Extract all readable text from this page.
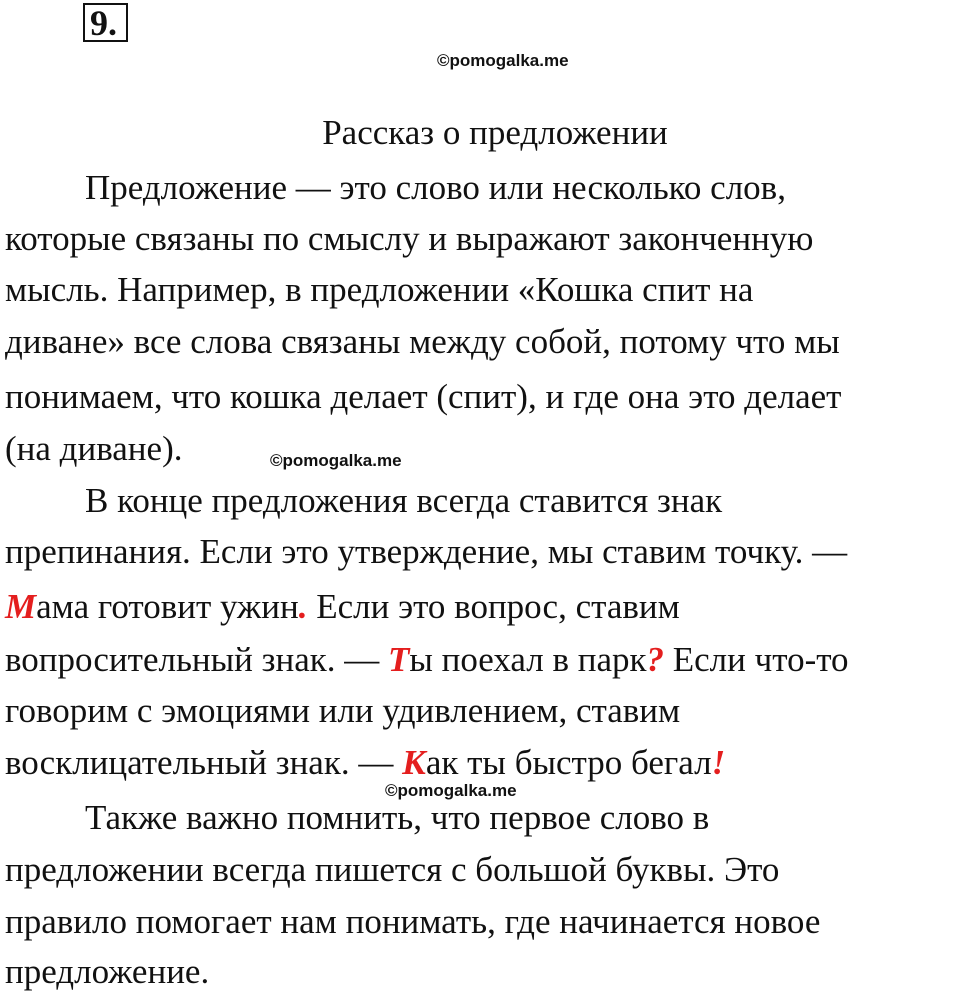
9.
©pomogalka.me
Рассказ о предложении
Предложение — это слово или несколько слов,
которые связаны по смыслу и выражают законченную
мысль. Например, в предложении «Кошка спит на
диване» все слова связаны между собой, потому что мы
понимаем, что кошка делает (спит), и где она это делает
(на диване).	©pomogalka.me
В конце предложения всегда ставится знак
препинания. Если это утверждение, мы ставим точку. —
Мама готовит ужин. Если это вопрос, ставим
вопросительный знак. — Ты поехал в парк? Если что-то
говорим с эмоциями или удивлением, ставим
восклицательный знак. — Как ты быстро бегал!
©pomogalka.me
Также важно помнить, что первое слово в
предложении всегда пишется с большой буквы. Это
правило помогает нам понимать, где начинается новое
предложение.
